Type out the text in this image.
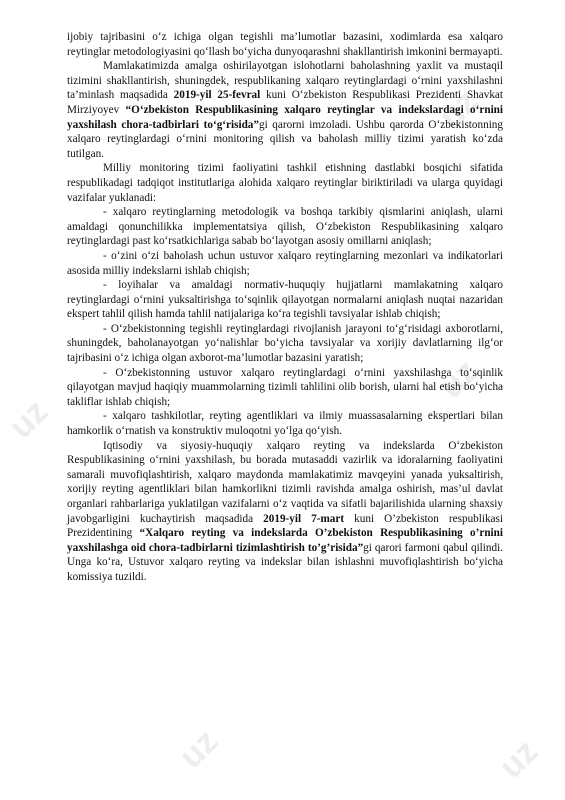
uz
uz
uz
uz	uz

ijobiy tajribasini o‘z ichiga olgan tegishli ma’lumotlar bazasini, xodimlarda esa xalqaro reytinglar metodologiyasini qo‘llash bo‘yicha dunyoqarashni shakllantirish imkonini bermayapti.

Mamlakatimizda amalga oshirilayotgan islohotlarni baholashning yaxlit va mustaqil tizimini shakllantirish, shuningdek, respublikaning xalqaro reytinglardagi o‘rnini yaxshilashni ta’minlash maqsadida 2019-yil 25-fevral kuni O‘zbekiston Respublikasi Prezidenti Shavkat Mirziyoyev “O‘zbekiston Respublikasining xalqaro reytinglar va indekslardagi o‘rnini yaxshilash chora-tadbirlari to‘g‘risida”gi qarorni imzoladi. Ushbu qarorda O‘zbekistonning xalqaro reytinglardagi o‘rnini monitoring qilish va baholash milliy tizimi yaratish ko‘zda tutilgan.

Milliy monitoring tizimi faoliyatini tashkil etishning dastlabki bosqichi sifatida respublikadagi tadqiqot institutlariga alohida xalqaro reytinglar biriktiriladi va ularga quyidagi vazifalar yuklanadi:

- xalqaro reytinglarning metodologik va boshqa tarkibiy qismlarini aniqlash, ularni amaldagi qonunchilikka implementatsiya qilish, O‘zbekiston Respublikasining xalqaro reytinglardagi past ko‘rsatkichlariga sabab bo‘layotgan asosiy omillarni aniqlash;

- o‘zini o‘zi baholash uchun ustuvor xalqaro reytinglarning mezonlari va indikatorlari asosida milliy indekslarni ishlab chiqish;

- loyihalar va amaldagi normativ-huquqiy hujjatlarni mamlakatning xalqaro reytinglardagi o‘rnini yuksaltirishga to‘sqinlik qilayotgan normalarni aniqlash nuqtai nazaridan ekspert tahlil qilish hamda tahlil natijalariga ko‘ra tegishli tavsiyalar ishlab chiqish;

- O‘zbekistonning tegishli reytinglardagi rivojlanish jarayoni to‘g‘risidagi axborotlarni, shuningdek, baholanayotgan yo‘nalishlar bo‘yicha tavsiyalar va xorijiy davlatlarning ilg‘or tajribasini o‘z ichiga olgan axborot-ma’lumotlar bazasini yaratish;

- O‘zbekistonning ustuvor xalqaro reytinglardagi o‘rnini yaxshilashga to‘sqinlik qilayotgan mavjud haqiqiy muammolarning tizimli tahlilini olib borish, ularni hal etish bo‘yicha takliflar ishlab chiqish;

- xalqaro tashkilotlar, reyting agentliklari va ilmiy muassasalarning ekspertlari bilan hamkorlik o‘rnatish va konstruktiv muloqotni yo‘lga qo‘yish.

Iqtisodiy va siyosiy-huquqiy xalqaro reyting va indekslarda O‘zbekiston Respublikasining o‘rnini yaxshilash, bu borada mutasaddi vazirlik va idoralarning faoliyatini samarali muvofiqlashtirish, xalqaro maydonda mamlakatimiz mavqeyini yanada yuksaltirish, xorijiy reyting agentliklari bilan hamkorlikni tizimli ravishda amalga oshirish, mas’ul davlat organlari rahbarlariga yuklatilgan vazifalarni o‘z vaqtida va sifatli bajarilishida ularning shaxsiy javobgarligini kuchaytirish maqsadida 2019-yil 7-mart kuni O’zbekiston respublikasi Prezidentining “Xalqaro reyting va indekslarda O’zbekiston Respublikasining o’rnini yaxshilashga oid chora-tadbirlarni tizimlashtirish to’g’risida”gi qarori farmoni qabul qilindi. Unga ko‘ra, Ustuvor xalqaro reyting va indekslar bilan ishlashni muvofiqlashtirish bo‘yicha komissiya tuzildi.
